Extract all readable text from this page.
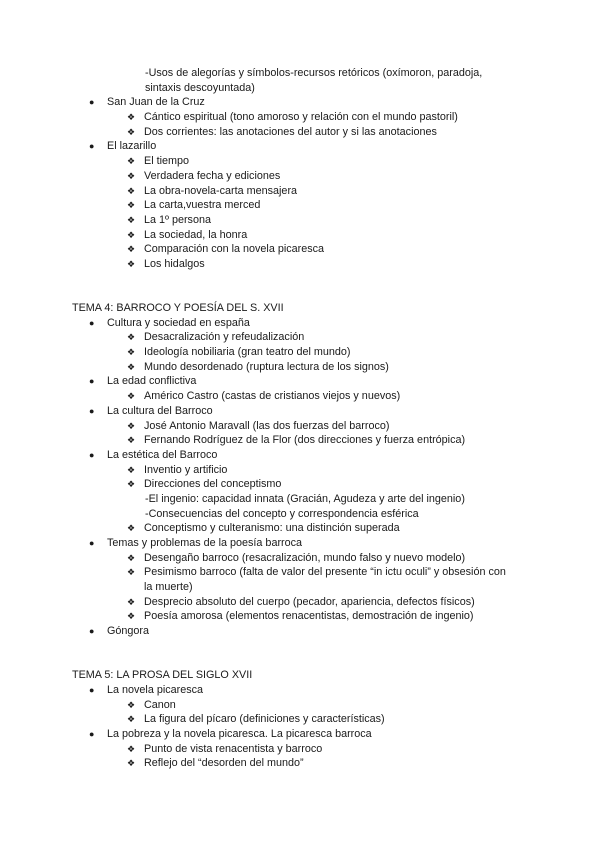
-Usos de alegorías y símbolos-recursos retóricos (oxímoron, paradoja,
sintaxis descoyuntada)
● San Juan de la Cruz
❖ Cántico espiritual (tono amoroso y relación con el mundo pastoril)
❖ Dos corrientes: las anotaciones del autor y si las anotaciones
● El lazarillo
❖ El tiempo
❖ Verdadera fecha y ediciones
❖ La obra-novela-carta mensajera
❖ La carta,vuestra merced
❖ La 1º persona
❖ La sociedad, la honra
❖ Comparación con la novela picaresca
❖ Los hidalgos
TEMA 4: BARROCO Y POESÍA DEL S. XVII
● Cultura y sociedad en españa
❖ Desacralización y refeudalización
❖ Ideología nobiliaria (gran teatro del mundo)
❖ Mundo desordenado (ruptura lectura de los signos)
● La edad conflictiva
❖ Américo Castro (castas de cristianos viejos y nuevos)
● La cultura del Barroco
❖ José Antonio Maravall (las dos fuerzas del barroco)
❖ Fernando Rodríguez de la Flor (dos direcciones y fuerza entrópica)
● La estética del Barroco
❖ Inventio y artificio
❖ Direcciones del conceptismo
-El ingenio: capacidad innata (Gracián, Agudeza y arte del ingenio)
-Consecuencias del concepto y correspondencia esférica
❖ Conceptismo y culteranismo: una distinción superada
● Temas y problemas de la poesía barroca
❖ Desengaño barroco (resacralización, mundo falso y nuevo modelo)
❖ Pesimismo barroco (falta de valor del presente “in ictu oculi” y obsesión con
la muerte)
❖ Desprecio absoluto del cuerpo (pecador, apariencia, defectos físicos)
❖ Poesía amorosa (elementos renacentistas, demostración de ingenio)
● Góngora
TEMA 5: LA PROSA DEL SIGLO XVII
● La novela picaresca
❖ Canon
❖ La figura del pícaro (definiciones y características)
● La pobreza y la novela picaresca. La picaresca barroca
❖ Punto de vista renacentista y barroco
❖ Reflejo del “desorden del mundo”
